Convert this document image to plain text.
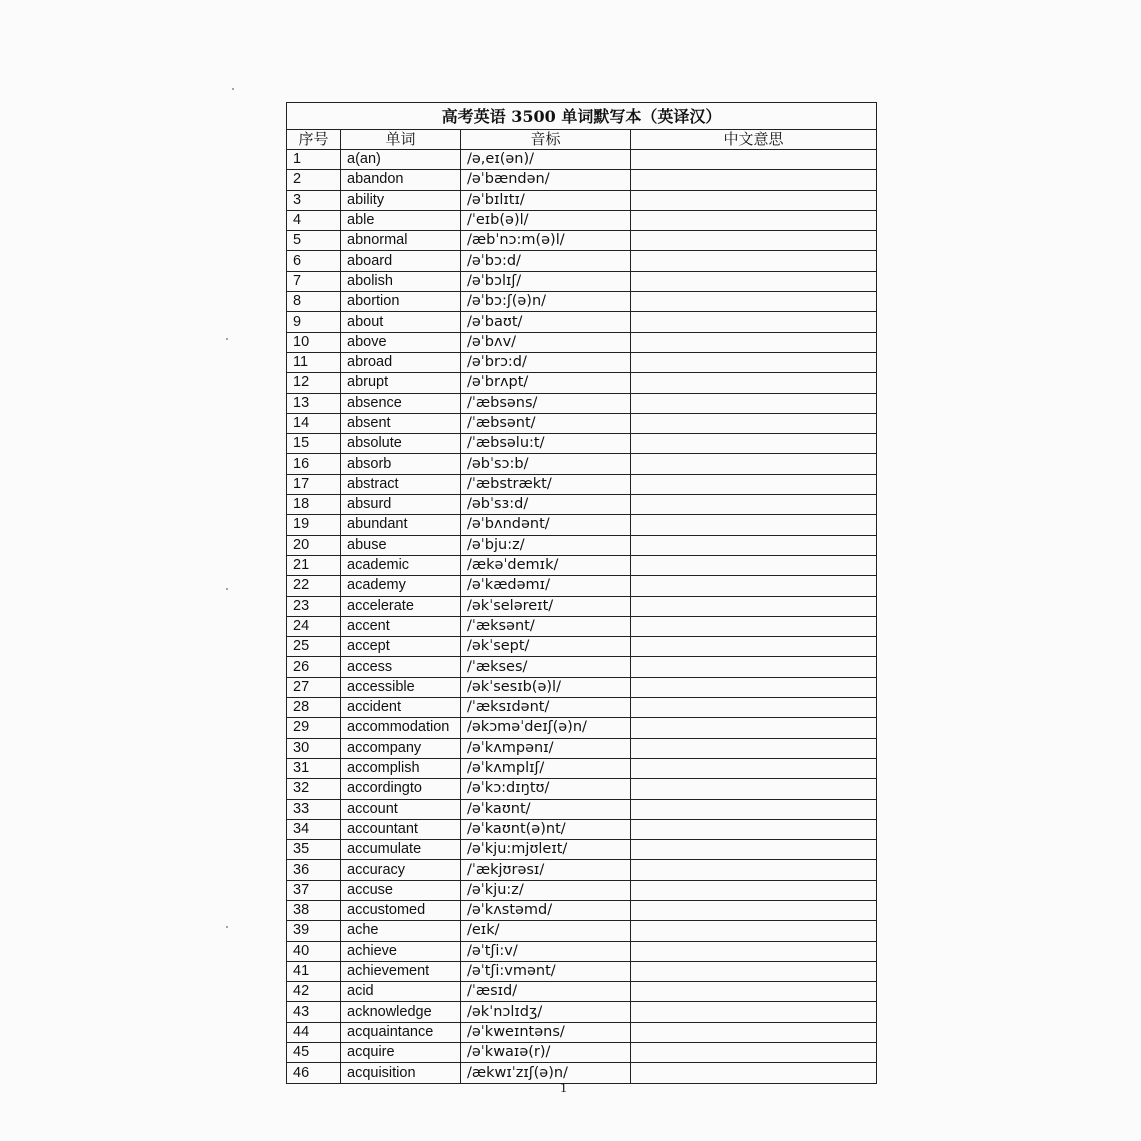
高考英语 3500 单词默写本（英译汉）			
序号	单词	音标	中文意思
1	a(an)	/ə,eɪ(ən)/	
2	abandon	/əˈbændən/	
3	ability	/əˈbɪlɪtɪ/	
4	able	/ˈeɪb(ə)l/	
5	abnormal	/æbˈnɔ:m(ə)l/	
6	aboard	/əˈbɔ:d/	
7	abolish	/əˈbɔlɪʃ/	
8	abortion	/əˈbɔ:ʃ(ə)n/	
9	about	/əˈbaʊt/	
10	above	/əˈbʌv/	
11	abroad	/əˈbrɔ:d/	
12	abrupt	/əˈbrʌpt/	
13	absence	/ˈæbsəns/	
14	absent	/ˈæbsənt/	
15	absolute	/ˈæbsəlu:t/	
16	absorb	/əbˈsɔ:b/	
17	abstract	/ˈæbstrækt/	
18	absurd	/əbˈsɜ:d/	
19	abundant	/əˈbʌndənt/	
20	abuse	/əˈbju:z/	
21	academic	/ækəˈdemɪk/	
22	academy	/əˈkædəmɪ/	
23	accelerate	/əkˈseləreɪt/	
24	accent	/ˈæksənt/	
25	accept	/əkˈsept/	
26	access	/ˈækses/	
27	accessible	/əkˈsesɪb(ə)l/	
28	accident	/ˈæksɪdənt/	
29	accommodation	/əkɔməˈdeɪʃ(ə)n/	
30	accompany	/əˈkʌmpənɪ/	
31	accomplish	/əˈkʌmplɪʃ/	
32	accordingto	/əˈkɔ:dɪŋtʊ/	
33	account	/əˈkaʊnt/	
34	accountant	/əˈkaʊnt(ə)nt/	
35	accumulate	/əˈkju:mjʊleɪt/	
36	accuracy	/ˈækjʊrəsɪ/	
37	accuse	/əˈkju:z/	
38	accustomed	/əˈkʌstəmd/	
39	ache	/eɪk/	
40	achieve	/əˈtʃi:v/	
41	achievement	/əˈtʃi:vmənt/	
42	acid	/ˈæsɪd/	
43	acknowledge	/əkˈnɔlɪdʒ/	
44	acquaintance	/əˈkweɪntəns/	
45	acquire	/əˈkwaɪə(r)/	
46	acquisition	/ækwɪˈzɪʃ(ə)n/	
1
